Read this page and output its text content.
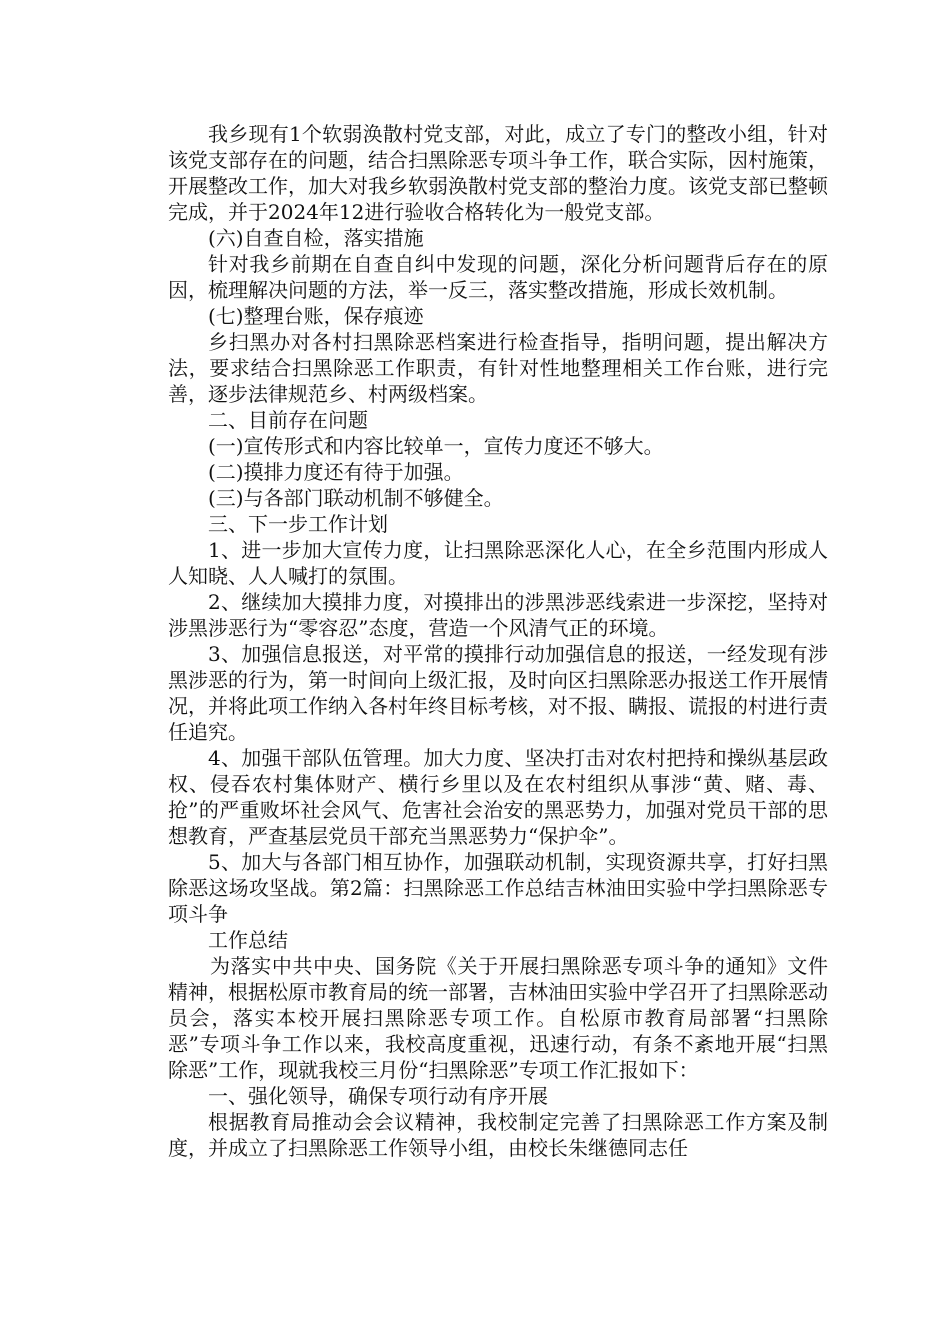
我乡现有1个软弱涣散村党支部，对此，成立了专门的整改小组，针对该党支部存在的问题，结合扫黑除恶专项斗争工作，联合实际，因村施策，开展整改工作，加大对我乡软弱涣散村党支部的整治力度。该党支部已整顿完成，并于2024年12进行验收合格转化为一般党支部。

(六)自查自检，落实措施

针对我乡前期在自查自纠中发现的问题，深化分析问题背后存在的原因，梳理解决问题的方法，举一反三，落实整改措施，形成长效机制。

(七)整理台账，保存痕迹

乡扫黑办对各村扫黑除恶档案进行检查指导，指明问题，提出解决方法，要求结合扫黑除恶工作职责，有针对性地整理相关工作台账，进行完善，逐步法律规范乡、村两级档案。

二、目前存在问题

(一)宣传形式和内容比较单一，宣传力度还不够大。

(二)摸排力度还有待于加强。

(三)与各部门联动机制不够健全。

三、下一步工作计划

1、进一步加大宣传力度，让扫黑除恶深化人心，在全乡范围内形成人人知晓、人人喊打的氛围。

2、继续加大摸排力度，对摸排出的涉黑涉恶线索进一步深挖，坚持对涉黑涉恶行为“零容忍”态度，营造一个风清气正的环境。

3、加强信息报送，对平常的摸排行动加强信息的报送，一经发现有涉黑涉恶的行为，第一时间向上级汇报，及时向区扫黑除恶办报送工作开展情况，并将此项工作纳入各村年终目标考核，对不报、瞒报、谎报的村进行责任追究。

4、加强干部队伍管理。加大力度、坚决打击对农村把持和操纵基层政权、侵吞农村集体财产、横行乡里以及在农村组织从事涉“黄、赌、毒、抢”的严重败坏社会风气、危害社会治安的黑恶势力，加强对党员干部的思想教育，严查基层党员干部充当黑恶势力“保护伞”。

5、加大与各部门相互协作，加强联动机制，实现资源共享，打好扫黑除恶这场攻坚战。第2篇：扫黑除恶工作总结吉林油田实验中学扫黑除恶专项斗争

工作总结

为落实中共中央、国务院《关于开展扫黑除恶专项斗争的通知》文件精神，根据松原市教育局的统一部署，吉林油田实验中学召开了扫黑除恶动员会，落实本校开展扫黑除恶专项工作。自松原市教育局部署“扫黑除恶”专项斗争工作以来，我校高度重视，迅速行动，有条不紊地开展“扫黑除恶”工作，现就我校三月份“扫黑除恶”专项工作汇报如下：

一、强化领导，确保专项行动有序开展

根据教育局推动会会议精神，我校制定完善了扫黑除恶工作方案及制度，并成立了扫黑除恶工作领导小组，由校长朱继德同志任
